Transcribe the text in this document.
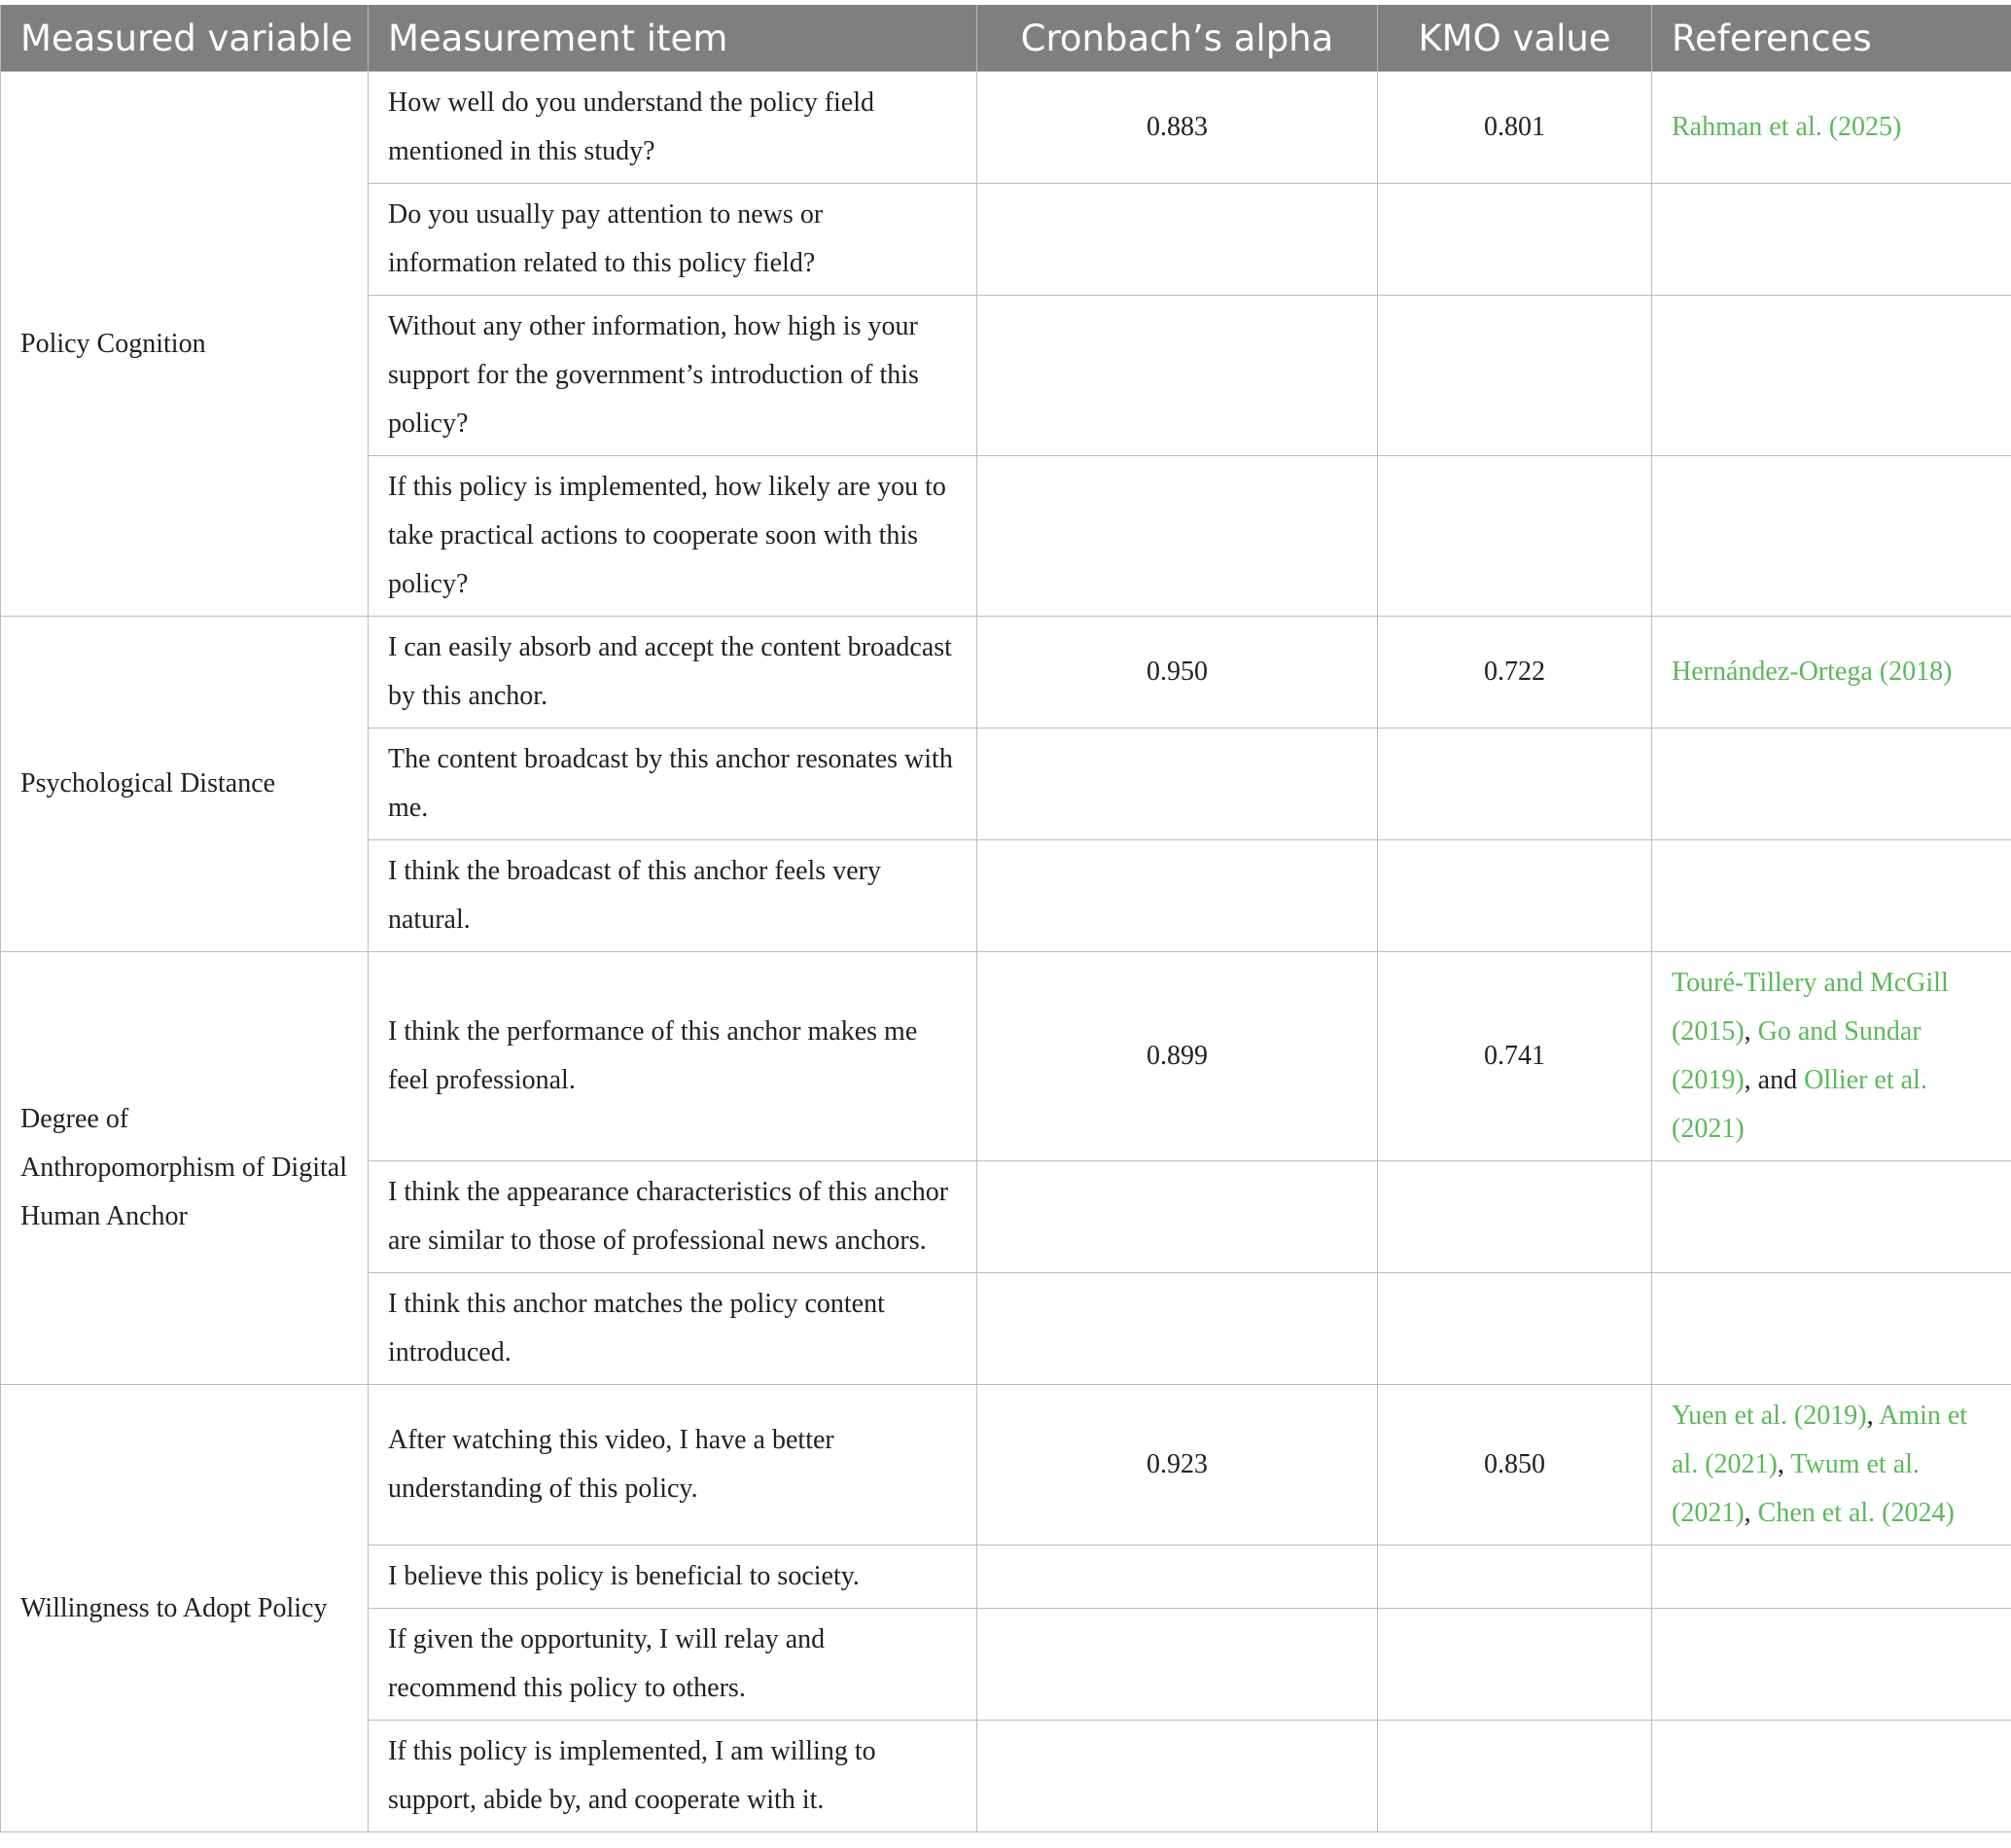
Measured variable	Measurement item	Cronbach’s alpha	KMO value	References
Policy Cognition	How well do you understand the policy field mentioned in this study?	0.883	0.801	Rahman et al. (2025)
	Do you usually pay attention to news or information related to this policy field?			
	Without any other information, how high is your support for the government’s introduction of this policy?			
	If this policy is implemented, how likely are you to take practical actions to cooperate soon with this policy?			
Psychological Distance	I can easily absorb and accept the content broadcast by this anchor.	0.950	0.722	Hernández-Ortega (2018)
	The content broadcast by this anchor resonates with me.			
	I think the broadcast of this anchor feels very natural.			
Degree of Anthropomorphism of Digital Human Anchor	I think the performance of this anchor makes me feel professional.	0.899	0.741	Touré-Tillery and McGill (2015), Go and Sundar (2019), and Ollier et al. (2021)
	I think the appearance characteristics of this anchor are similar to those of professional news anchors.			
	I think this anchor matches the policy content introduced.			
Willingness to Adopt Policy	After watching this video, I have a better understanding of this policy.	0.923	0.850	Yuen et al. (2019), Amin et al. (2021), Twum et al. (2021), Chen et al. (2024)
	I believe this policy is beneficial to society.			
	If given the opportunity, I will relay and recommend this policy to others.			
	If this policy is implemented, I am willing to support, abide by, and cooperate with it.			
